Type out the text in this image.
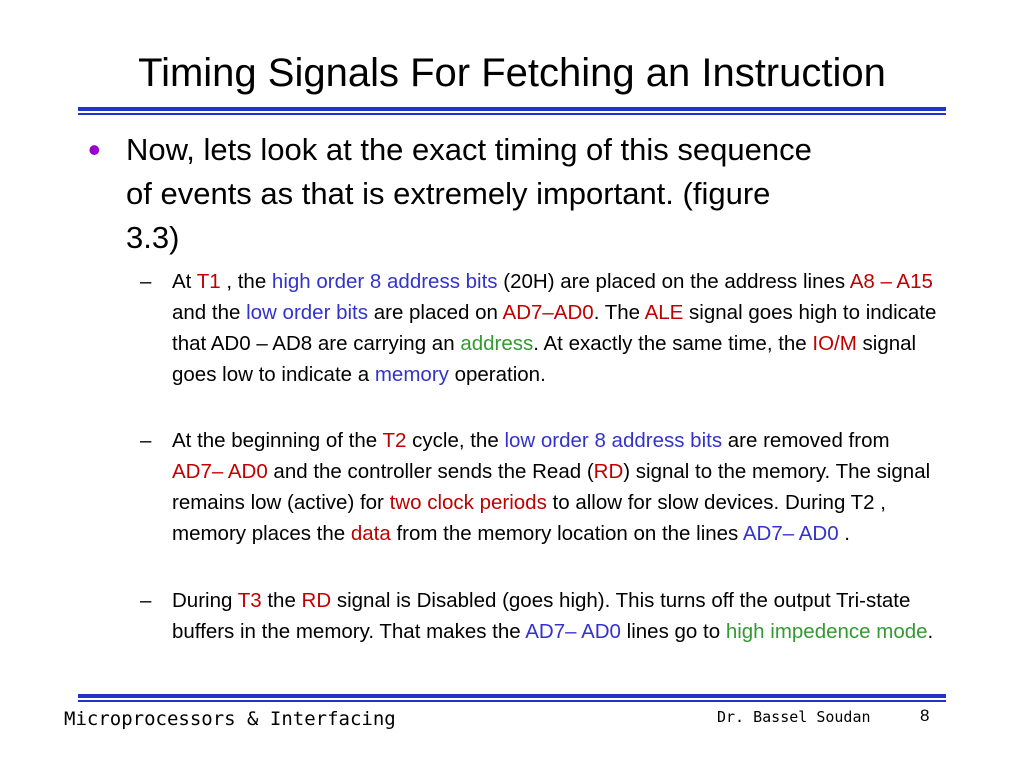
Timing Signals For Fetching an Instruction
• Now, lets look at the exact timing of this sequence of events as that is extremely important. (figure 3.3)
–	At T1 , the high order 8 address bits (20H) are placed on the address lines A8 – A15 and the low order bits are placed on AD7–AD0. The ALE signal goes high to indicate that AD0 – AD8 are carrying an address. At exactly the same time, the IO/M signal goes low to indicate a memory operation.
–	At the beginning of the T2 cycle, the low order 8 address bits are removed from AD7– AD0 and the controller sends the Read (RD) signal to the memory. The signal remains low (active) for two clock periods to allow for slow devices. During T2 , memory places the data from the memory location on the lines AD7– AD0 .
–	During T3 the RD signal is Disabled (goes high). This turns off the output Tri-state buffers in the memory. That makes the AD7– AD0 lines go to high impedence mode.
Microprocessors & Interfacing	Dr. Bassel Soudan	8
